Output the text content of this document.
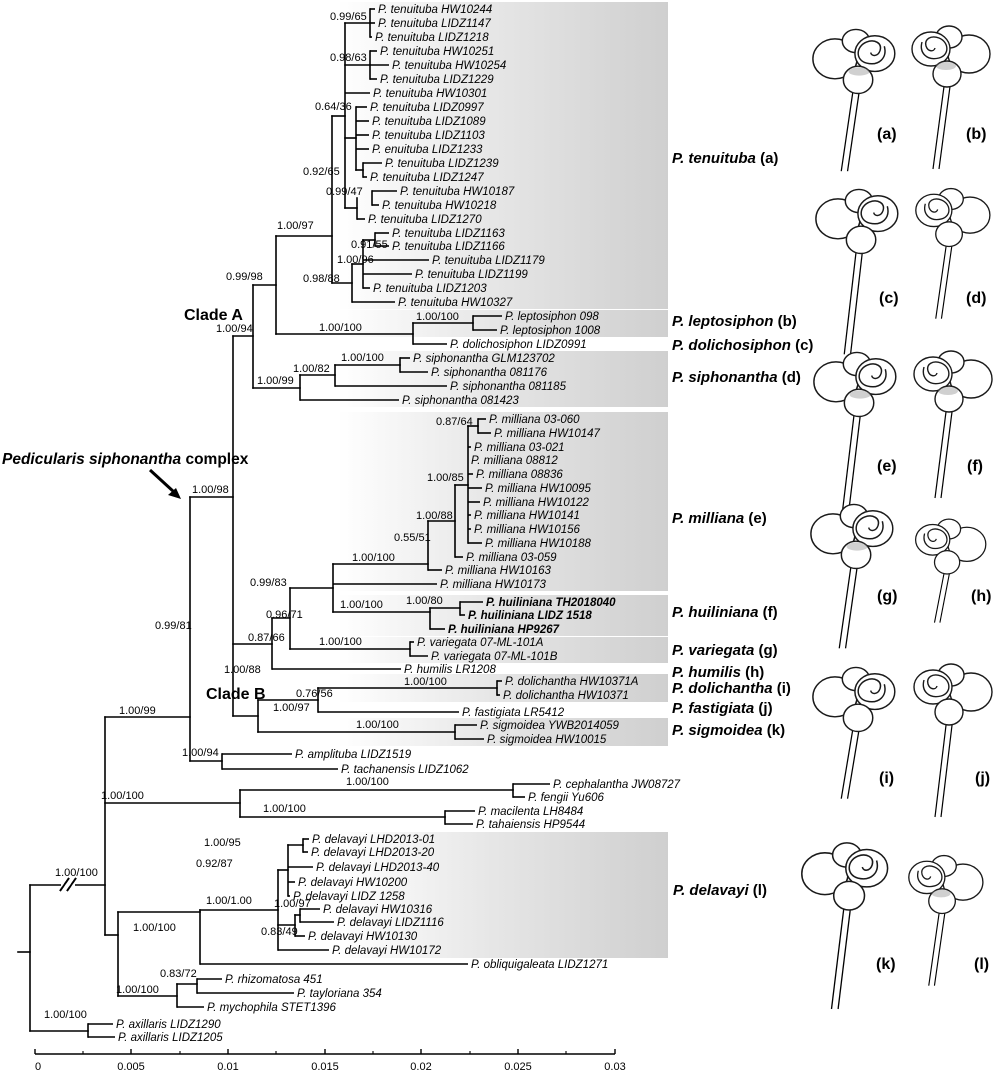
P. tenuituba HW10244
P. tenuituba LIDZ1147
P. tenuituba LIDZ1218
P. tenuituba HW10251
P. tenuituba HW10254
P. tenuituba LIDZ1229
P. tenuituba HW10301
P. tenuituba LIDZ0997
P. tenuituba LIDZ1089
P. tenuituba LIDZ1103
P. enuituba LIDZ1233
P. tenuituba LIDZ1239
P. tenuituba LIDZ1247
P. tenuituba HW10187
P. tenuituba HW10218
P. tenuituba LIDZ1270
P. tenuituba LIDZ1163
P. tenuituba LIDZ1166
P. tenuituba LIDZ1179
P. tenuituba LIDZ1199
P. tenuituba LIDZ1203
P. tenuituba HW10327
P. leptosiphon 098
P. leptosiphon 1008
P. dolichosiphon LIDZ0991
P. siphonantha GLM123702
P. siphonantha 081176
P. siphonantha 081185
P. siphonantha 081423
P. milliana 03-060
P. milliana HW10147
P. milliana 03-021
P. milliana 08812
P. milliana 08836
P. milliana HW10095
P. milliana HW10122
P. milliana HW10141
P. milliana HW10156
P. milliana HW10188
P. milliana 03-059
P. milliana HW10163
P. milliana HW10173
P. huiliniana TH2018040
P. huiliniana LIDZ 1518
P. huiliniana HP9267
P. variegata 07-ML-101A
P. variegata 07-ML-101B
P. humilis LR1208
P. dolichantha HW10371A
P. dolichantha HW10371
P. fastigiata LR5412
P. sigmoidea YWB2014059
P. sigmoidea HW10015
P. amplituba LIDZ1519
P. tachanensis LIDZ1062
P. cephalantha JW08727
P. fengii Yu606
P. macilenta LH8484
P. tahaiensis HP9544
P. delavayi LHD2013-01
P. delavayi LHD2013-20
P. delavayi LHD2013-40
P. delavayi HW10200
P. delavayi LIDZ 1258
P. delavayi HW10316
P. delavayi LIDZ1116
P. delavayi HW10130
P. delavayi HW10172
P. obliquigaleata LIDZ1271
P. rhizomatosa 451
P. tayloriana 354
P. mychophila STET1396
P. axillaris LIDZ1290
P. axillaris LIDZ1205
0.99/65
0.98/63
0.64/36
0.92/65
0.99/47
1.00/97
0.91/55
1.00/96
0.98/88
0.99/98
1.00/94
1.00/100
1.00/100
1.00/100
1.00/82
1.00/99
0.87/64
1.00/85
1.00/88
0.55/51
1.00/100
0.99/83
1.00/100 1.00/80
0.96/71
0.87/66	1.00/100
1.00/88
0.76/56
1.00/97
1.00/100
1.00/100
1.00/98
0.99/81
1.00/99
1.00/94
1.00/100
1.00/100
1.00/100
1.00/95
0.92/87
1.00/1.00 1.00/97
0.83/49
1.00/100
1.00/100
0.83/72
1.00/100
1.00/100
Clade A
Clade B
Pedicularis siphonantha complex
P. tenuituba (a)
P. leptosiphon (b)
P. dolichosiphon (c)
P. siphonantha (d)
P. milliana (e)
P. huiliniana (f)
P. variegata (g)
P. humilis (h)
P. dolichantha (i)
P. fastigiata (j)
P. sigmoidea (k)
P. delavayi (l)
(a)	(b)
(c)	(d)
(e)	(f)
(g)	(h)
(i)	(j)
(k)	(l)
0	0.005	0.01	0.015	0.02	0.025	0.03
